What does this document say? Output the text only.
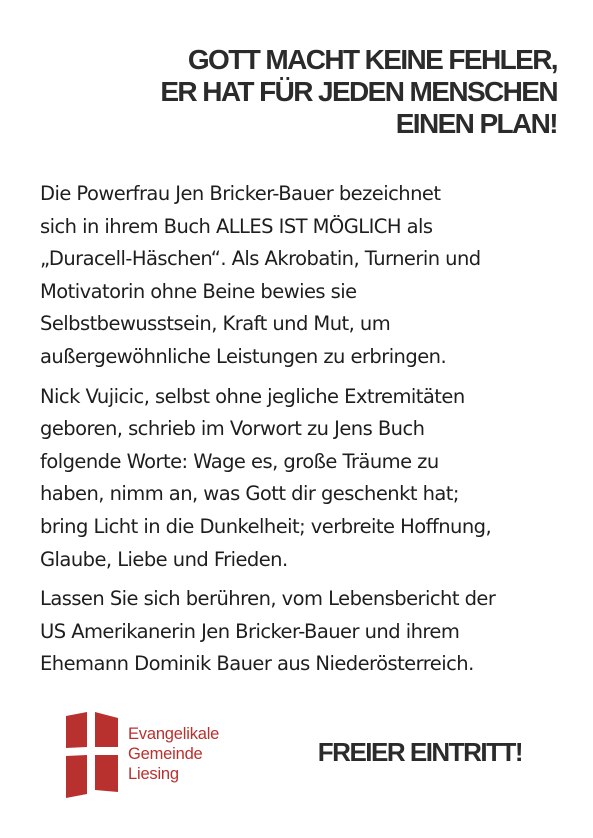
GOTT MACHT KEINE FEHLER,
ER HAT FÜR JEDEN MENSCHEN
EINEN PLAN!

Die Powerfrau Jen Bricker-Bauer bezeichnet
sich in ihrem Buch ALLES IST MÖGLICH als
„Duracell-Häschen“. Als Akrobatin, Turnerin und
Motivatorin ohne Beine bewies sie
Selbstbewusstsein, Kraft und Mut, um
außergewöhnliche Leistungen zu erbringen.

Nick Vujicic, selbst ohne jegliche Extremitäten
geboren, schrieb im Vorwort zu Jens Buch
folgende Worte: Wage es, große Träume zu
haben, nimm an, was Gott dir geschenkt hat;
bring Licht in die Dunkelheit; verbreite Hoffnung,
Glaube, Liebe und Frieden.

Lassen Sie sich berühren, vom Lebensbericht der
US Amerikanerin Jen Bricker-Bauer und ihrem
Ehemann Dominik Bauer aus Niederösterreich.

Evangelikale
Gemeinde
Liesing
FREIER EINTRITT!
